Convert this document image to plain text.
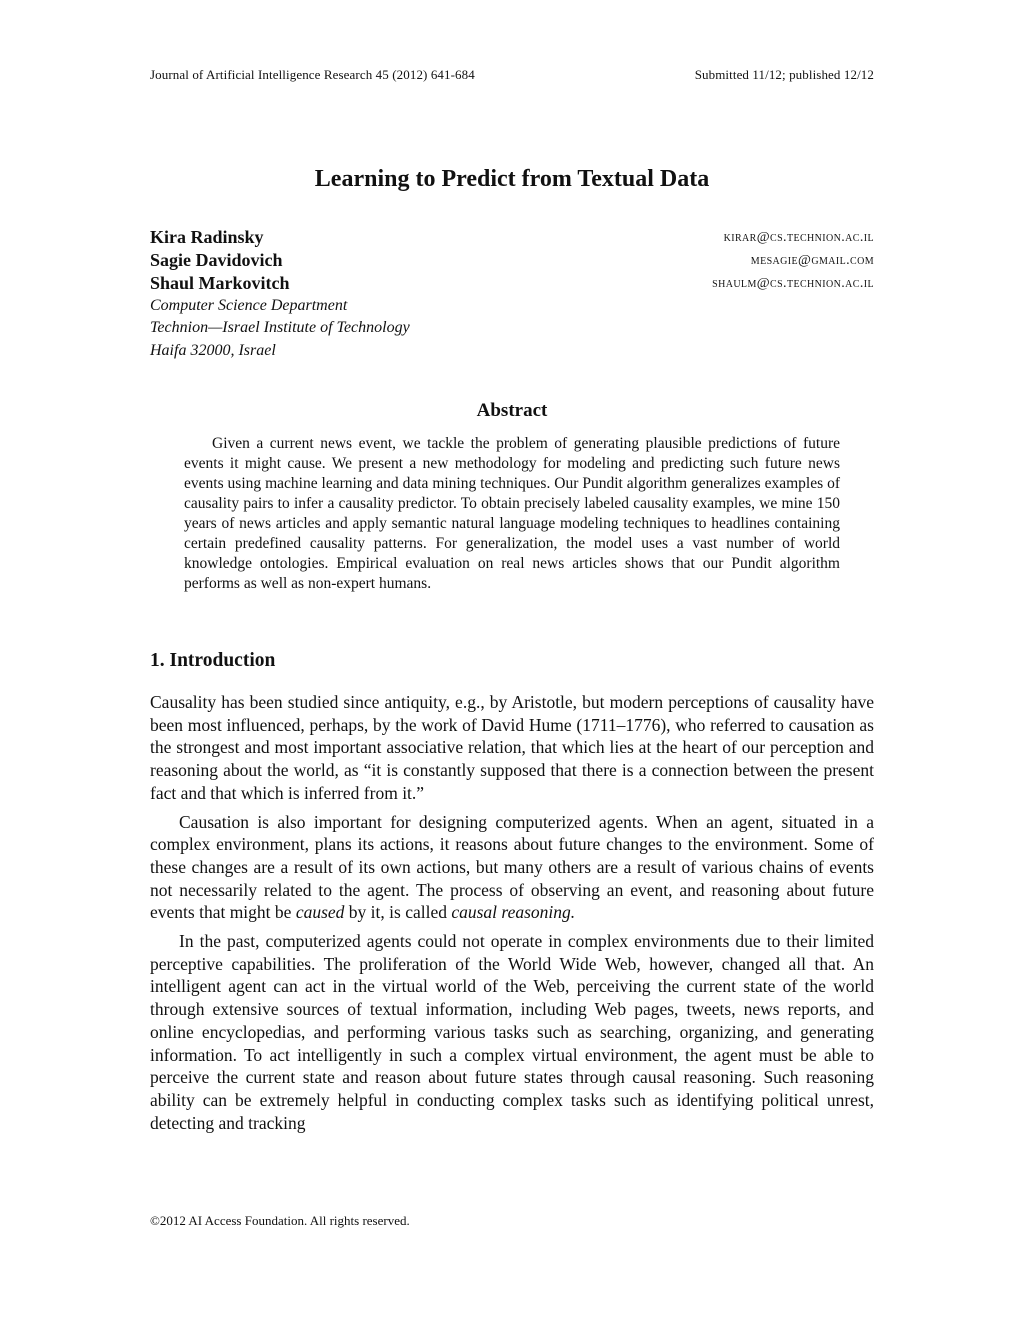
Journal of Artificial Intelligence Research 45 (2012) 641-684	Submitted 11/12; published 12/12
Learning to Predict from Textual Data
Kira Radinsky	kirar@cs.technion.ac.il
Sagie Davidovich	mesagie@gmail.com
Shaul Markovitch	shaulm@cs.technion.ac.il
Computer Science Department
Technion—Israel Institute of Technology
Haifa 32000, Israel
Abstract

Given a current news event, we tackle the problem of generating plausible predictions of future events it might cause. We present a new methodology for modeling and predicting such future news events using machine learning and data mining techniques. Our Pundit algorithm generalizes examples of causality pairs to infer a causality predictor. To obtain precisely labeled causality examples, we mine 150 years of news articles and apply semantic natural language modeling techniques to headlines containing certain predefined causality patterns. For generalization, the model uses a vast number of world knowledge ontologies. Empirical evaluation on real news articles shows that our Pundit algorithm performs as well as non-expert humans.

1. Introduction

Causality has been studied since antiquity, e.g., by Aristotle, but modern perceptions of causality have been most influenced, perhaps, by the work of David Hume (1711–1776), who referred to causation as the strongest and most important associative relation, that which lies at the heart of our perception and reasoning about the world, as “it is constantly supposed that there is a connection between the present fact and that which is inferred from it.”

Causation is also important for designing computerized agents. When an agent, situated in a complex environment, plans its actions, it reasons about future changes to the environment. Some of these changes are a result of its own actions, but many others are a result of various chains of events not necessarily related to the agent. The process of observing an event, and reasoning about future events that might be caused by it, is called causal reasoning.

In the past, computerized agents could not operate in complex environments due to their limited perceptive capabilities. The proliferation of the World Wide Web, however, changed all that. An intelligent agent can act in the virtual world of the Web, perceiving the current state of the world through extensive sources of textual information, including Web pages, tweets, news reports, and online encyclopedias, and performing various tasks such as searching, organizing, and generating information. To act intelligently in such a complex virtual environment, the agent must be able to perceive the current state and reason about future states through causal reasoning. Such reasoning ability can be extremely helpful in conducting complex tasks such as identifying political unrest, detecting and tracking

©2012 AI Access Foundation. All rights reserved.
